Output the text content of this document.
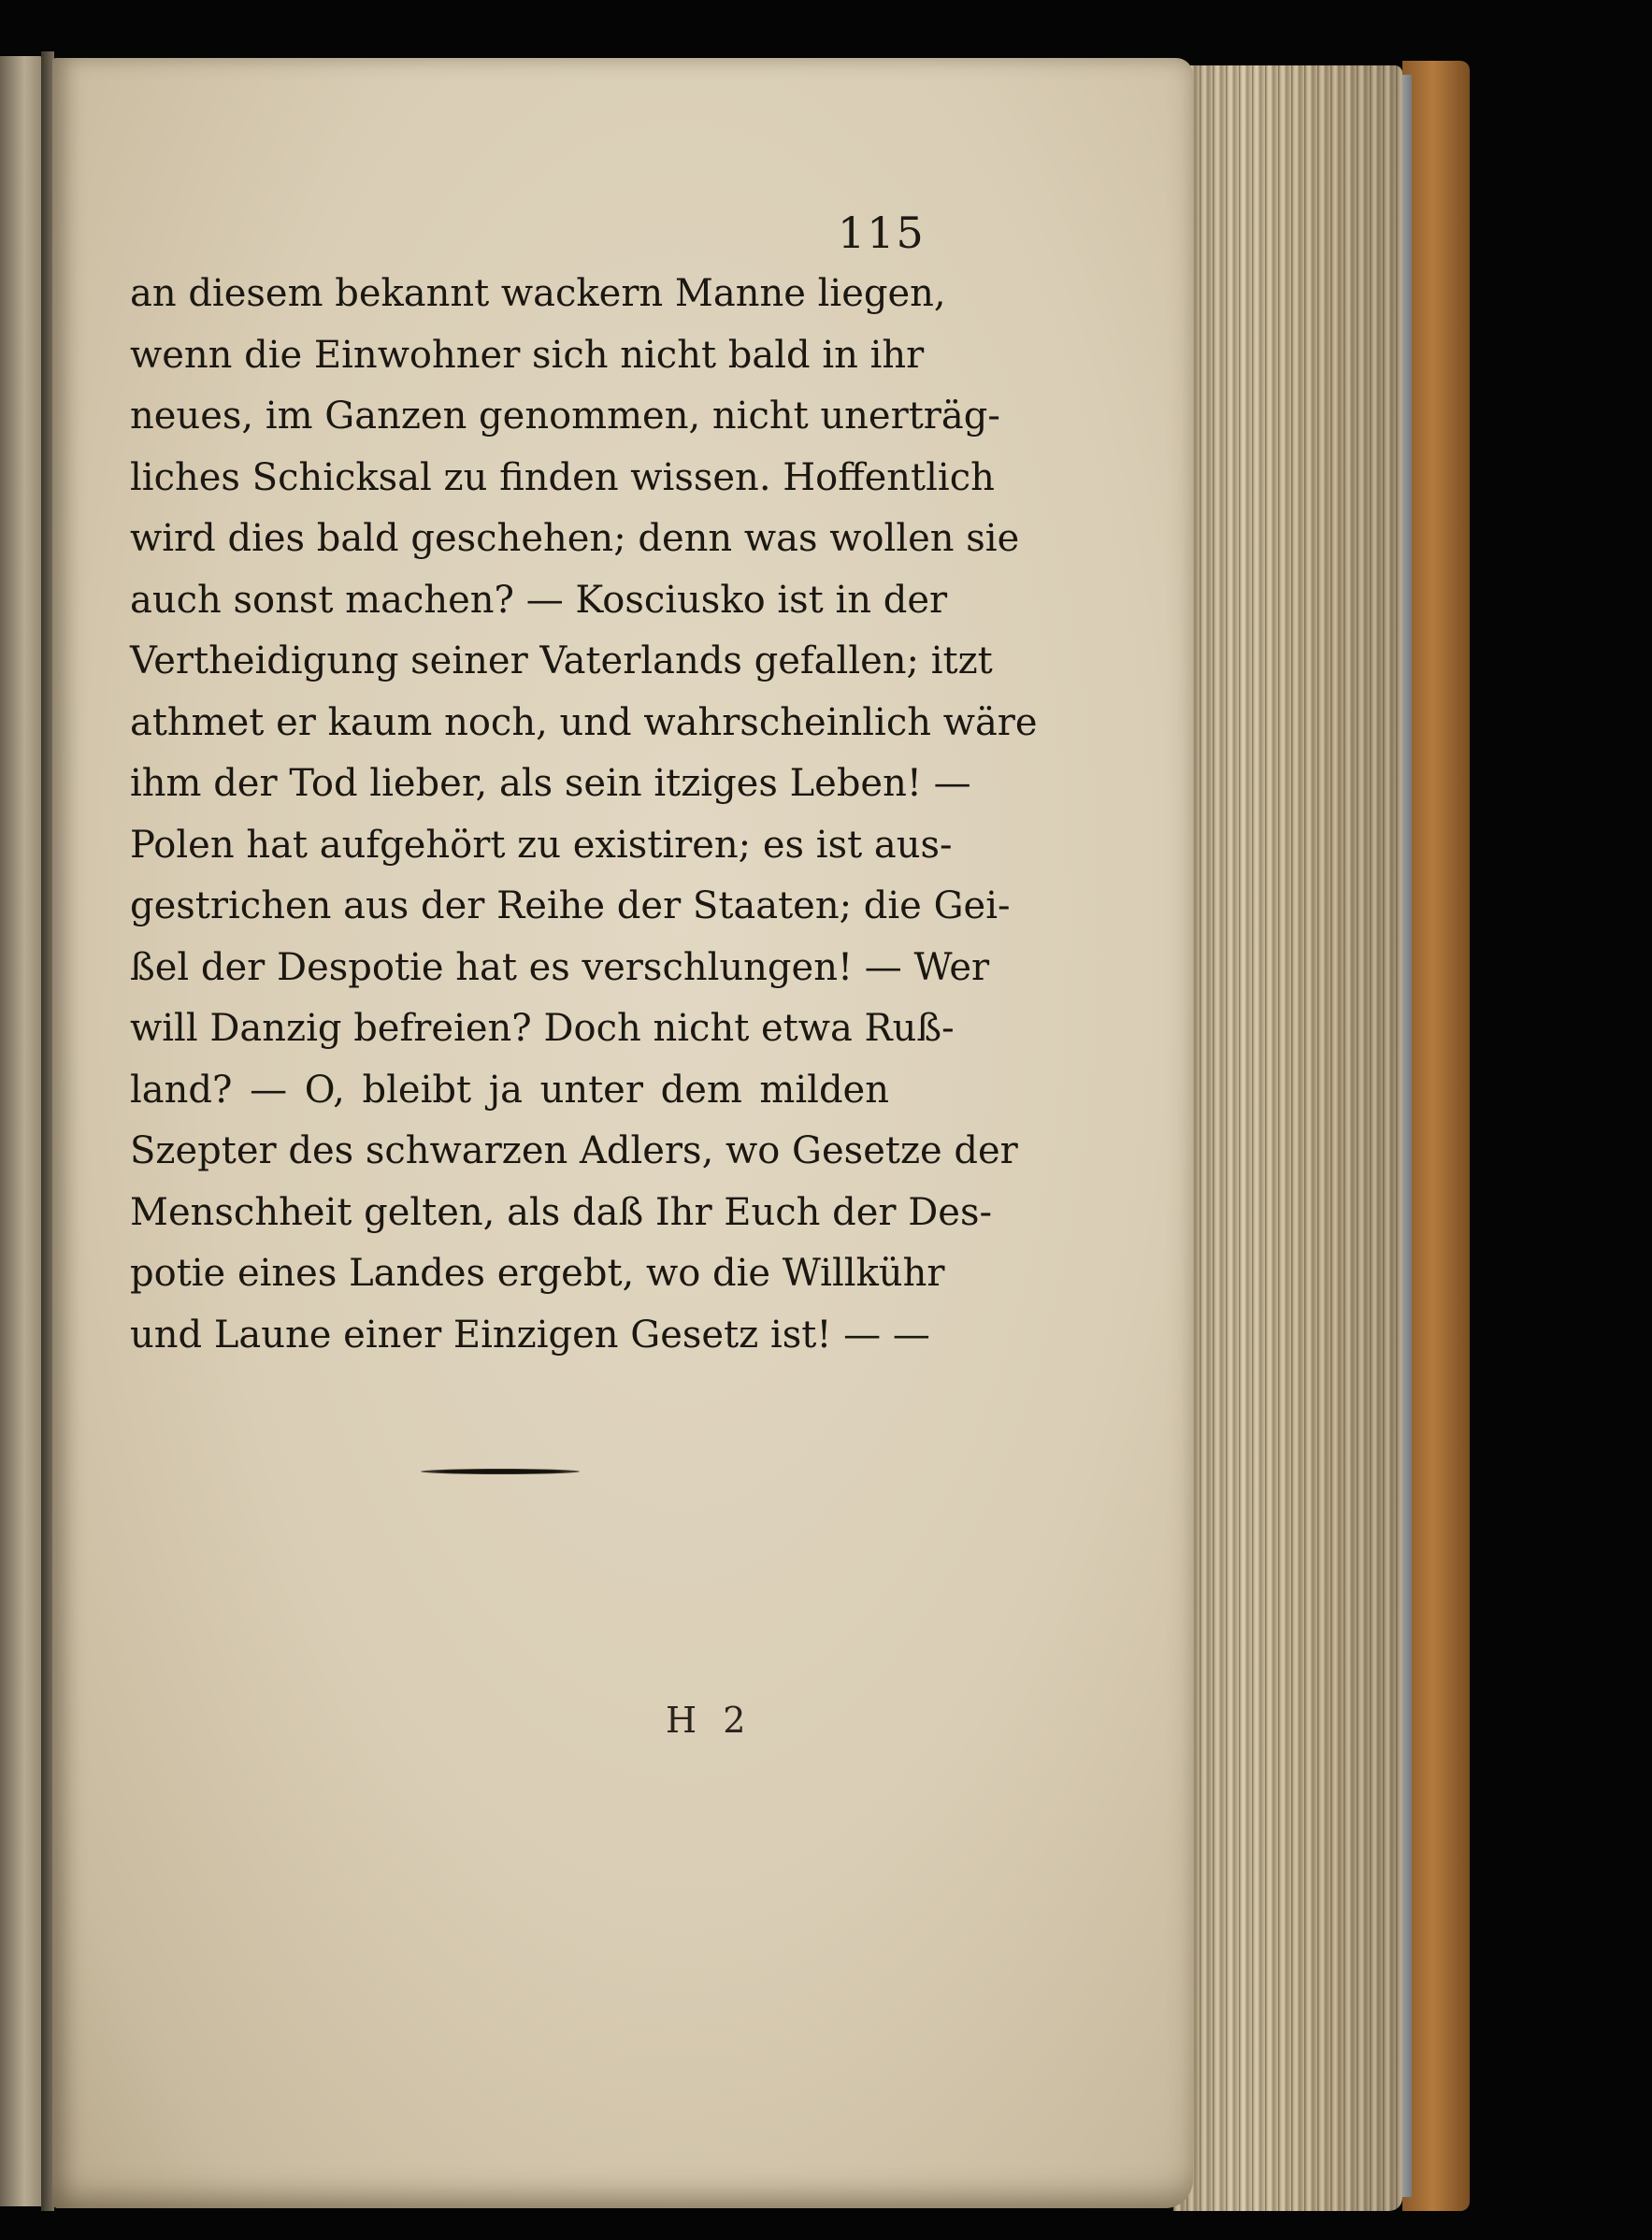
115
an diesem bekannt wackern Manne liegen,
wenn die Einwohner sich nicht bald in ihr
neues, im Ganzen genommen, nicht unerträg-
liches Schicksal zu finden wissen. Hoffentlich
wird dies bald geschehen; denn was wollen sie
auch sonst machen? — Kosciusko ist in der
Vertheidigung seiner Vaterlands gefallen; itzt
athmet er kaum noch, und wahrscheinlich wäre
ihm der Tod lieber, als sein itziges Leben! —
Polen hat aufgehört zu existiren; es ist aus-
gestrichen aus der Reihe der Staaten; die Gei-
ßel der Despotie hat es verschlungen! — Wer
will Danzig befreien? Doch nicht etwa Ruß-
land? — O, bleibt ja unter dem milden
Szepter des schwarzen Adlers, wo Gesetze der
Menschheit gelten, als daß Ihr Euch der Des-
potie eines Landes ergebt, wo die Willkühr
und Laune einer Einzigen Gesetz ist! — —
H 2
